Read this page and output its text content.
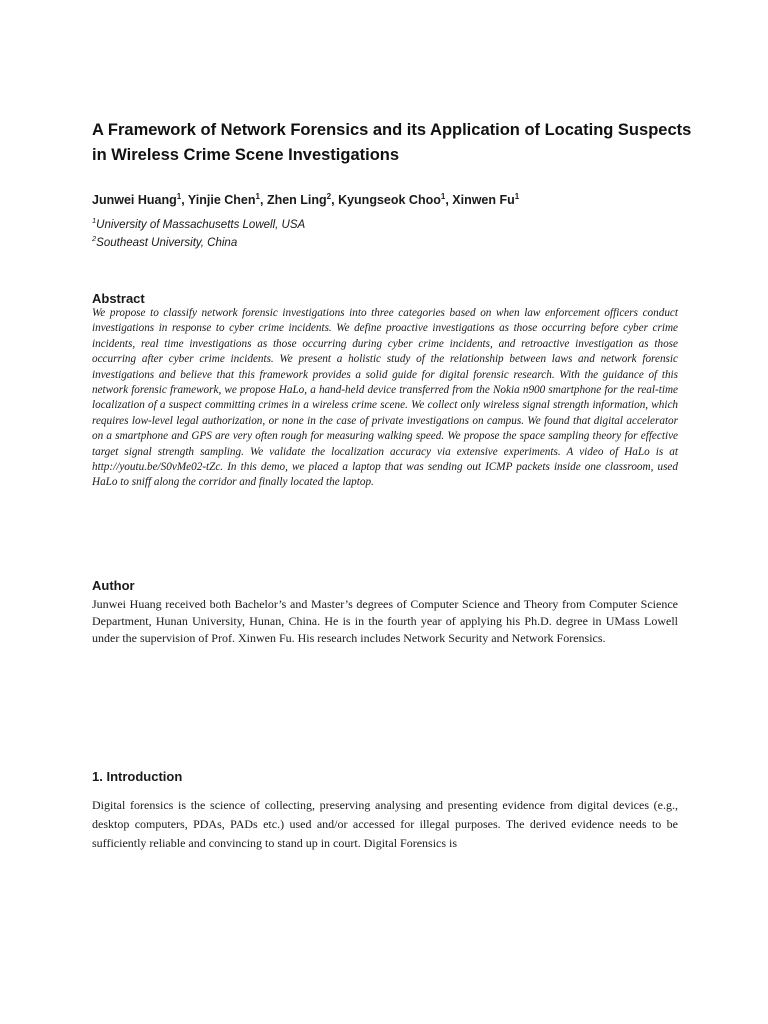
A Framework of Network Forensics and its Application of Locating Suspects in Wireless Crime Scene Investigations
Junwei Huang$^1$, Yinjie Chen$^1$, Zhen Ling$^2$, Kyungseok Choo$^1$, Xinwen Fu$^1$
$^1$University of Massachusetts Lowell, USA
$^2$Southeast University, China
Abstract
We propose to classify network forensic investigations into three categories based on when law enforcement officers conduct investigations in response to cyber crime incidents. We define proactive investigations as those occurring before cyber crime incidents, real time investigations as those occurring during cyber crime incidents, and retroactive investigation as those occurring after cyber crime incidents. We present a holistic study of the relationship between laws and network forensic investigations and believe that this framework provides a solid guide for digital forensic research. With the guidance of this network forensic framework, we propose HaLo, a hand-held device transferred from the Nokia n900 smartphone for the real-time localization of a suspect committing crimes in a wireless crime scene. We collect only wireless signal strength information, which requires low-level legal authorization, or none in the case of private investigations on campus. We found that digital accelerator on a smartphone and GPS are very often rough for measuring walking speed. We propose the space sampling theory for effective target signal strength sampling. We validate the localization accuracy via extensive experiments. A video of HaLo is at http://youtu.be/S0vMe02-tZc. In this demo, we placed a laptop that was sending out ICMP packets inside one classroom, used HaLo to sniff along the corridor and finally located the laptop.
Author
Junwei Huang received both Bachelor’s and Master’s degrees of Computer Science and Theory from Computer Science Department, Hunan University, Hunan, China. He is in the fourth year of applying his Ph.D. degree in UMass Lowell under the supervision of Prof. Xinwen Fu. His research includes Network Security and Network Forensics.
1. Introduction
Digital forensics is the science of collecting, preserving analysing and presenting evidence from digital devices (e.g., desktop computers, PDAs, PADs etc.) used and/or accessed for illegal purposes. The derived evidence needs to be sufficiently reliable and convincing to stand up in court. Digital Forensics is
